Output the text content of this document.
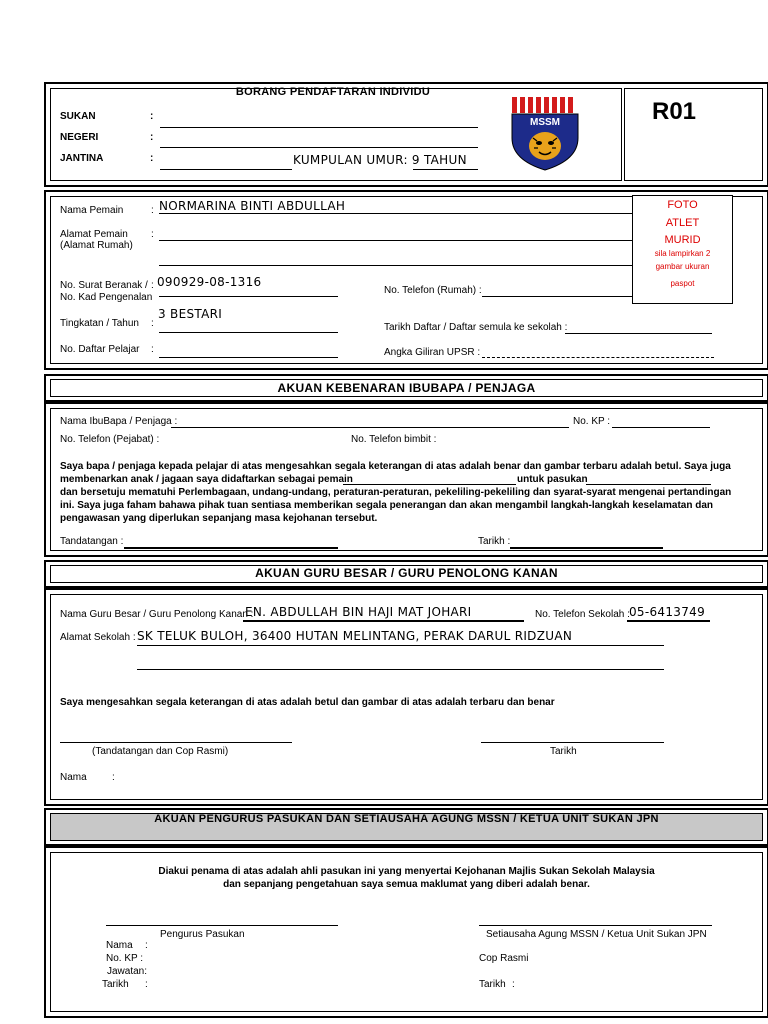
BORANG PENDAFTARAN INDIVIDU
SUKAN	:
NEGERI	:
JANTINA	:	KUMPULAN UMUR: 9 TAHUN
MSSM	R01
Nama Pemain	: NORMARINA BINTI ABDULLAH
Alamat Pemain
(Alamat Rumah)
:
No. Surat Beranak /
No. Kad Pengenalan
: 090929-08-1316
No. Telefon (Rumah) :
Tingkatan / Tahun :
3 BESTARI
Tarikh Daftar / Daftar semula ke sekolah :
No. Daftar Pelajar :	Angka Giliran UPSR :
FOTO
ATLET
MURID
sila lampirkan 2
gambar ukuran
paspot
AKUAN KEBENARAN IBUBAPA / PENJAGA
Nama IbuBapa / Penjaga :	No. KP :
No. Telefon (Pejabat) :	No. Telefon bimbit :
Saya bapa / penjaga kepada pelajar di atas mengesahkan segala keterangan di atas adalah benar dan gambar terbaru adalah betul. Saya juga
membenarkan anak / jagaan saya didaftarkan sebagai pemain	untuk pasukan
dan bersetuju mematuhi Perlembagaan, undang-undang, peraturan-peraturan, pekeliling-pekeliling dan syarat-syarat mengenai pertandingan
ini. Saya juga faham bahawa pihak tuan sentiasa memberikan segala penerangan dan akan mengambil langkah-langkah keselamatan dan
pengawasan yang diperlukan sepanjang masa kejohanan tersebut.
Tandatangan :	Tarikh :
AKUAN GURU BESAR / GURU PENOLONG KANAN
Nama Guru Besar / Guru Penolong Kanan :
EN. ABDULLAH BIN HAJI MAT JOHARI	No. Telefon Sekolah : 05-6413749
Alamat Sekolah : SK TELUK BULOH, 36400 HUTAN MELINTANG, PERAK DARUL RIDZUAN
Saya mengesahkan segala keterangan di atas adalah betul dan gambar di atas adalah terbaru dan benar
(Tandatangan dan Cop Rasmi)	Tarikh
Nama	:
AKUAN PENGURUS PASUKAN DAN SETIAUSAHA AGUNG MSSN / KETUA UNIT SUKAN JPN
Diakui penama di atas adalah ahli pasukan ini yang menyertai Kejohanan Majlis Sukan Sekolah Malaysia
dan sepanjang pengetahuan saya semua maklumat yang diberi adalah benar.
Pengurus Pasukan	Setiausaha Agung MSSN / Ketua Unit Sukan JPN
Nama :
No. KP :
Jawatan:
Tarikh :
Cop Rasmi
Tarikh :
